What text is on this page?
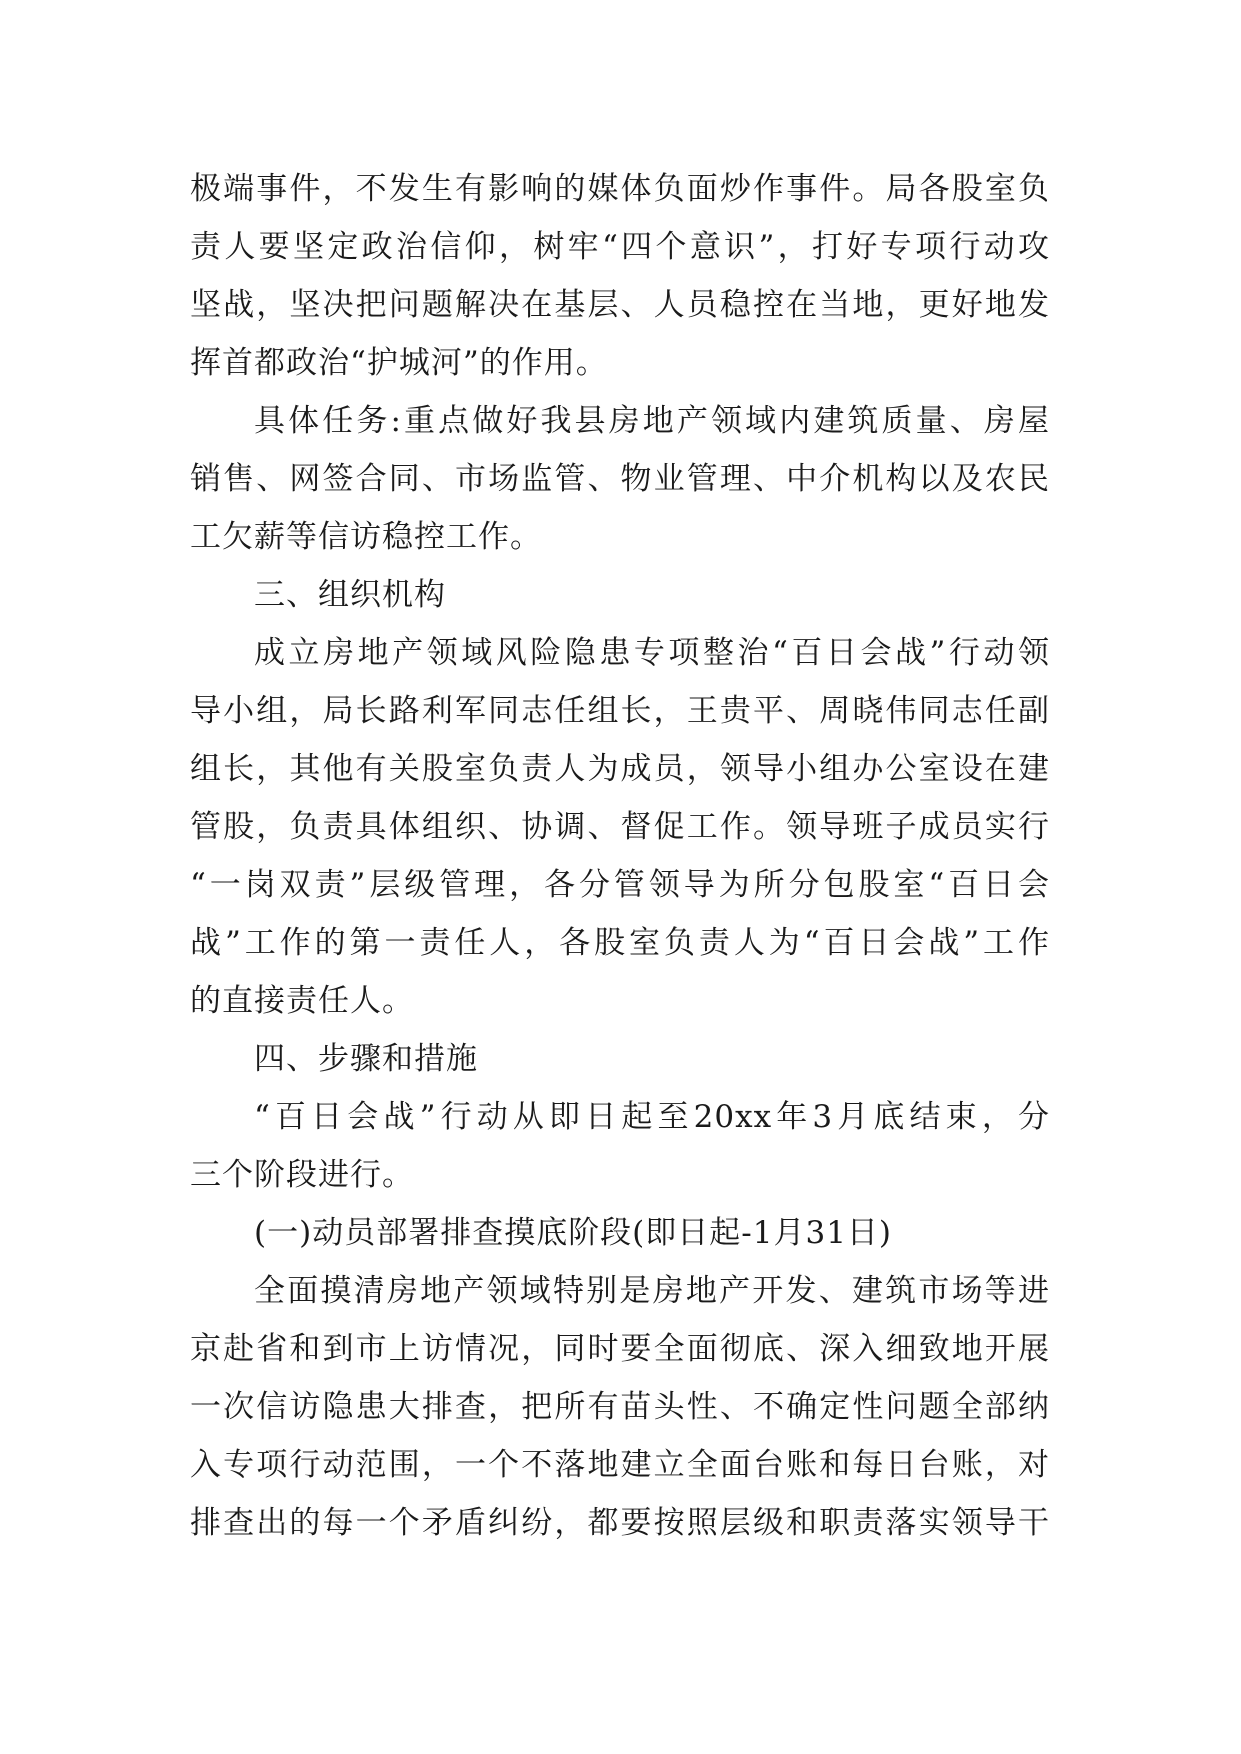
极端事件，不发生有影响的媒体负面炒作事件。局各股室负
责人要坚定政治信仰，树牢“四个意识”，打好专项行动攻
坚战，坚决把问题解决在基层、人员稳控在当地，更好地发
挥首都政治“护城河”的作用。
具体任务:重点做好我县房地产领域内建筑质量、房屋
销售、网签合同、市场监管、物业管理、中介机构以及农民
工欠薪等信访稳控工作。
三、组织机构
成立房地产领域风险隐患专项整治“百日会战”行动领
导小组，局长路利军同志任组长，王贵平、周晓伟同志任副
组长，其他有关股室负责人为成员，领导小组办公室设在建
管股，负责具体组织、协调、督促工作。领导班子成员实行
“一岗双责”层级管理，各分管领导为所分包股室“百日会
战”工作的第一责任人，各股室负责人为“百日会战”工作
的直接责任人。
四、步骤和措施
“百日会战”行动从即日起至20xx年3月底结束，分
三个阶段进行。
(一)动员部署排查摸底阶段(即日起-1月31日)
全面摸清房地产领域特别是房地产开发、建筑市场等进
京赴省和到市上访情况，同时要全面彻底、深入细致地开展
一次信访隐患大排查，把所有苗头性、不确定性问题全部纳
入专项行动范围，一个不落地建立全面台账和每日台账，对
排查出的每一个矛盾纠纷，都要按照层级和职责落实领导干
